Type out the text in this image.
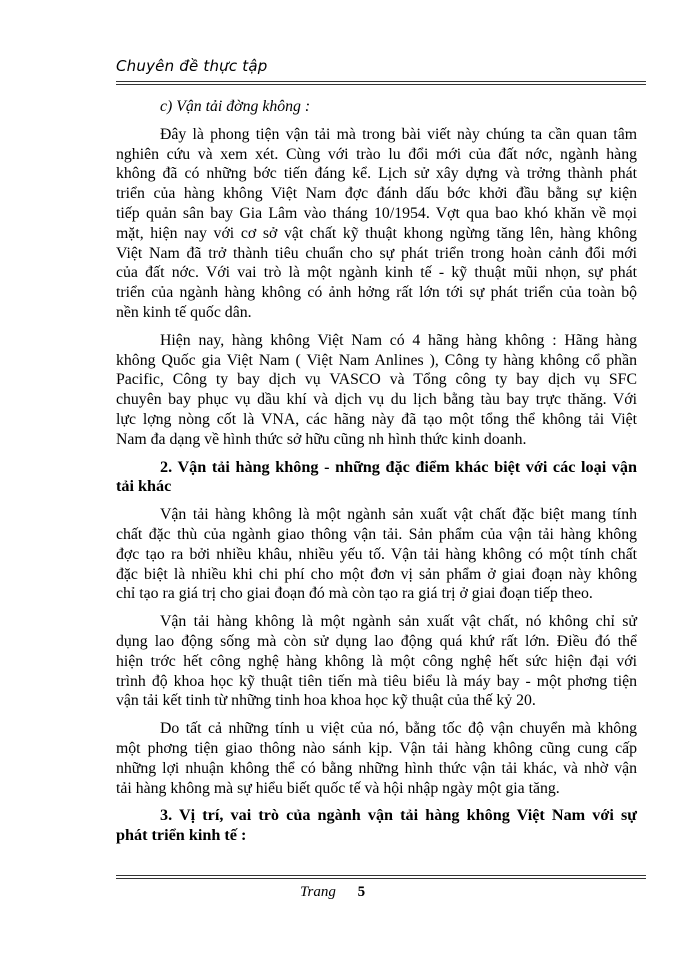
Chuyên đề thực tập
c) Vận tải đờng không :
Đây là phong tiện vận tải mà trong bài viết này chúng ta cần quan tâm
nghiên cứu và xem xét. Cùng với trào lu đổi mới của đất nớc, ngành hàng
không đã có những bớc tiến đáng kể. Lịch sử xây dựng và trởng thành phát
triển của hàng không Việt Nam đợc đánh dấu bớc khởi đầu bằng sự kiện
tiếp quản sân bay Gia Lâm vào tháng 10/1954. Vợt qua bao khó khăn về mọi
mặt, hiện nay với cơ sở vật chất kỹ thuật khong ngừng tăng lên, hàng không
Việt Nam đã trở thành tiêu chuẩn cho sự phát triển trong hoàn cảnh đổi mới
của đất nớc. Với vai trò là một ngành kinh tế - kỹ thuật mũi nhọn, sự phát
triển của ngành hàng không có ảnh hởng rất lớn tới sự phát triển của toàn bộ
nền kinh tế quốc dân.
Hiện nay, hàng không Việt Nam có 4 hãng hàng không : Hãng hàng
không Quốc gia Việt Nam ( Việt Nam Anlines ), Công ty hàng không cổ phần
Pacific, Công ty bay dịch vụ VASCO và Tổng công ty bay dịch vụ SFC
chuyên bay phục vụ dầu khí và dịch vụ du lịch bằng tàu bay trực thăng. Với
lực lợng nòng cốt là VNA, các hãng này đã tạo một tổng thể không tải Việt
Nam đa dạng về hình thức sở hữu cũng nh hình thức kinh doanh.
2. Vận tải hàng không - những đặc điểm khác biệt với các loại vận
tải khác
Vận tải hàng không là một ngành sản xuất vật chất đặc biệt mang tính
chất đặc thù của ngành giao thông vận tải. Sản phẩm của vận tải hàng không
đợc tạo ra bởi nhiều khâu, nhiều yếu tố. Vận tải hàng không có một tính chất
đặc biệt là nhiều khi chi phí cho một đơn vị sản phẩm ở giai đoạn này không
chỉ tạo ra giá trị cho giai đoạn đó mà còn tạo ra giá trị ở giai đoạn tiếp theo.
Vận tải hàng không là một ngành sản xuất vật chất, nó không chỉ sử
dụng lao động sống mà còn sử dụng lao động quá khứ rất lớn. Điều đó thể
hiện trớc hết công nghệ hàng không là một công nghệ hết sức hiện đại với
trình độ khoa học kỹ thuật tiên tiến mà tiêu biểu là máy bay - một phơng tiện
vận tải kết tinh từ những tinh hoa khoa học kỹ thuật của thế kỷ 20.
Do tất cả những tính u việt của nó, bằng tốc độ vận chuyển mà không
một phơng tiện giao thông nào sánh kịp. Vận tải hàng không cũng cung cấp
những lợi nhuận không thể có bằng những hình thức vận tải khác, và nhờ vận
tải hàng không mà sự hiểu biết quốc tế và hội nhập ngày một gia tăng.
3. Vị trí, vai trò của ngành vận tải hàng không Việt Nam với sự
phát triển kinh tế :
Trang 5
